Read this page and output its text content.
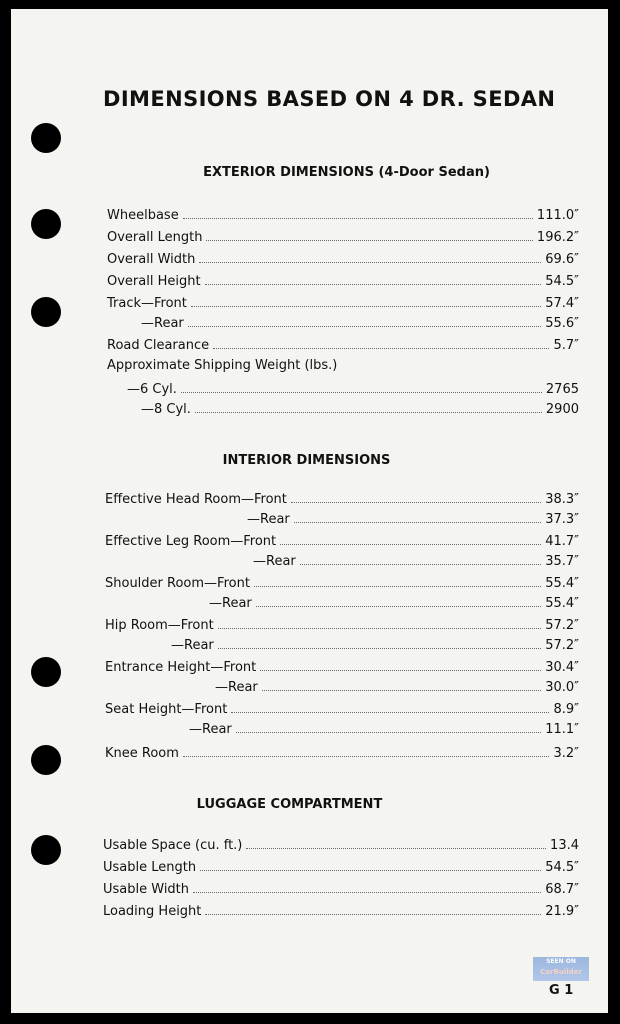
DIMENSIONS BASED ON 4 DR. SEDAN
EXTERIOR DIMENSIONS (4-Door Sedan)
INTERIOR DIMENSIONS
LUGGAGE COMPARTMENT
Wheelbase	111.0″
Overall Length	196.2″
Overall Width	69.6″
Overall Height	54.5″
Track—Front	57.4″
—Rear	55.6″
Road Clearance	5.7″
Approximate Shipping Weight (lbs.)
—6 Cyl.	2765
—8 Cyl.	2900
Effective Head Room—Front	38.3″
—Rear	37.3″
Effective Leg Room—Front	41.7″
—Rear	35.7″
Shoulder Room—Front	55.4″
—Rear	55.4″
Hip Room—Front	57.2″
—Rear	57.2″
Entrance Height—Front	30.4″
—Rear	30.0″
Seat Height—Front	8.9″
—Rear	11.1″
Knee Room	3.2″
Usable Space (cu. ft.)	13.4
Usable Length	54.5″
Usable Width	68.7″
Loading Height	21.9″
SEEN ON
CarBuilder
G 1
